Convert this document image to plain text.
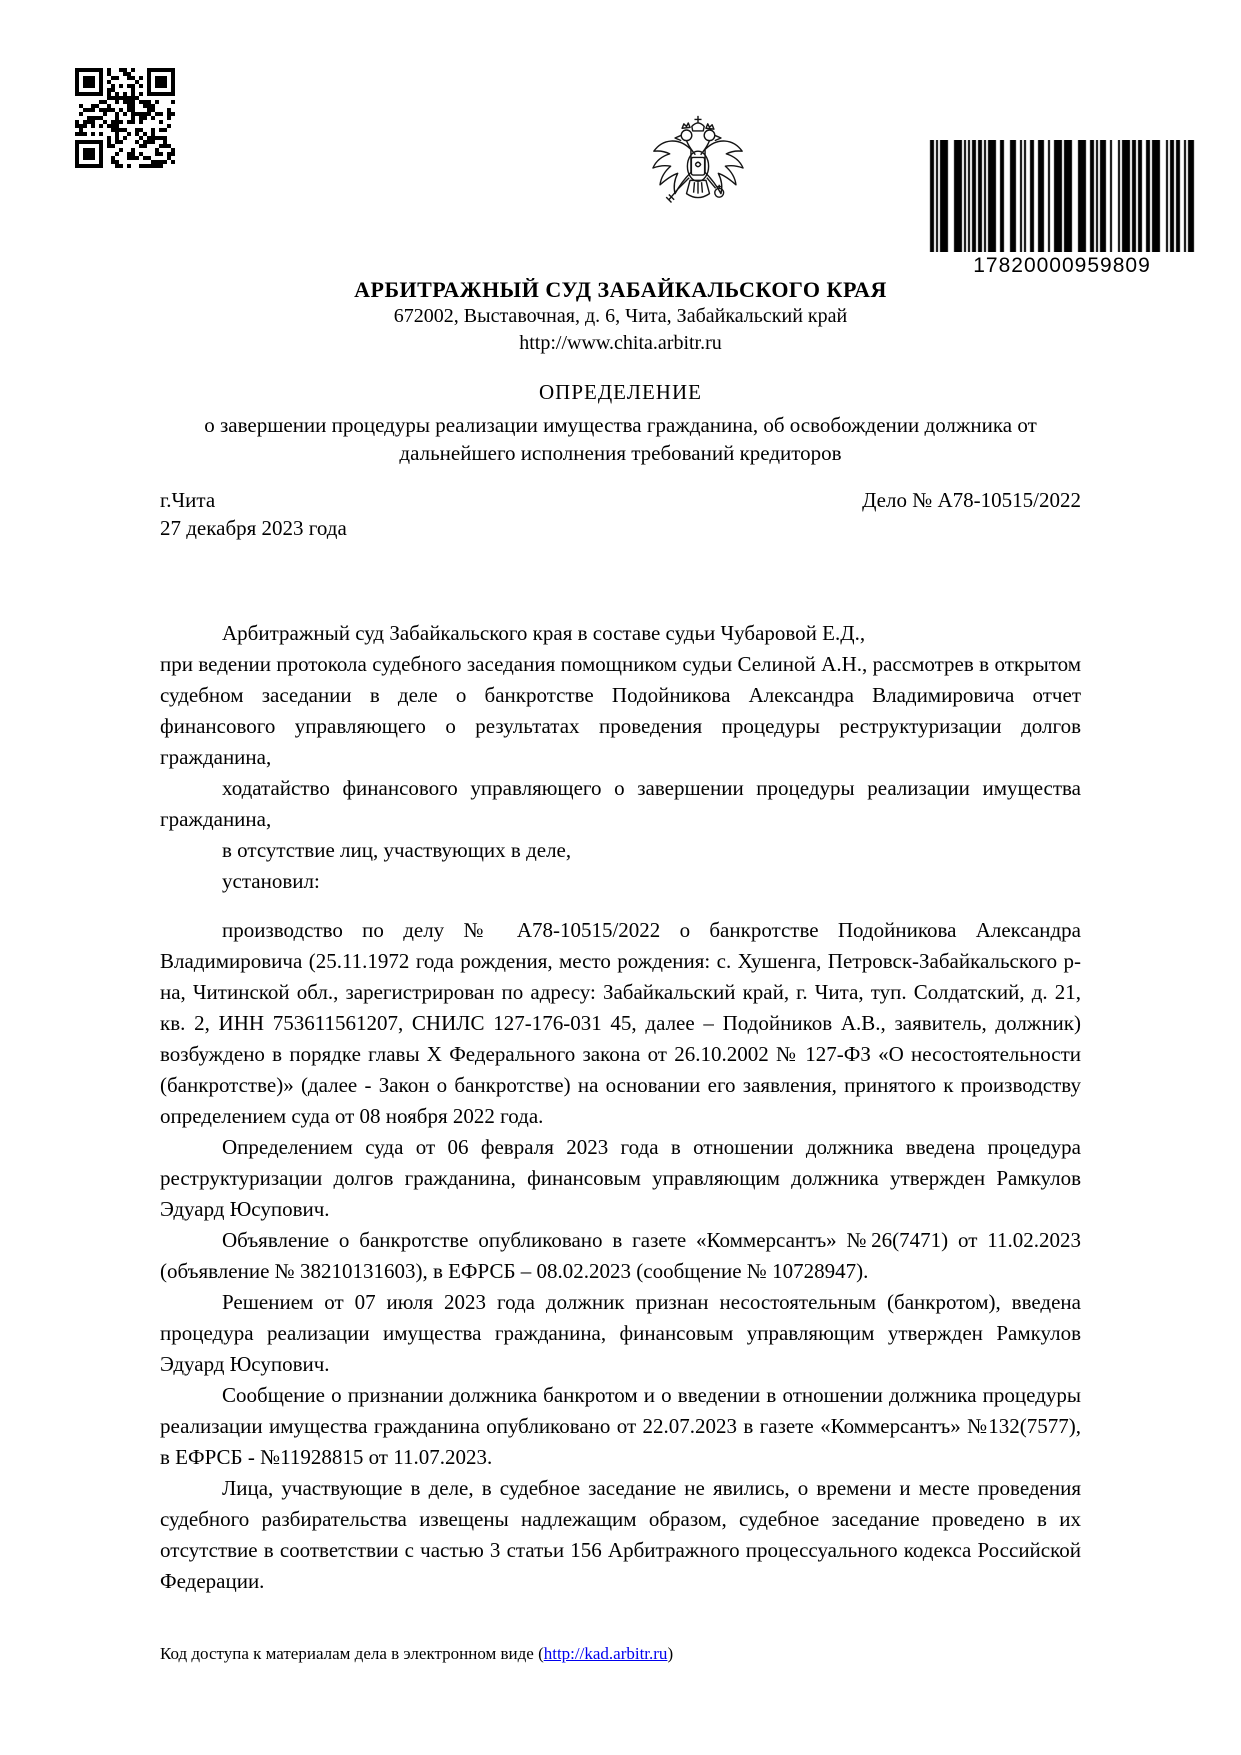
17820000959809
АРБИТРАЖНЫЙ СУД ЗАБАЙКАЛЬСКОГО КРАЯ
672002, Выставочная, д. 6, Чита, Забайкальский край
http://www.chita.arbitr.ru
ОПРЕДЕЛЕНИЕ
о завершении процедуры реализации имущества гражданина, об освобождении должника от дальнейшего исполнения требований кредиторов
г.Чита	Дело № А78-10515/2022
27 декабря 2023 года

Арбитражный суд Забайкальского края в составе судьи Чубаровой Е.Д.,

при ведении протокола судебного заседания помощником судьи Селиной А.Н., рассмотрев в открытом судебном заседании в деле о банкротстве Подойникова Александра Владимировича отчет финансового управляющего о результатах проведения процедуры реструктуризации долгов гражданина,

ходатайство финансового управляющего о завершении процедуры реализации имущества гражданина,

в отсутствие лиц, участвующих в деле,

установил:

производство по делу № А78-10515/2022 о банкротстве Подойникова Александра Владимировича (25.11.1972 года рождения, место рождения: с. Хушенга, Петровск-Забайкальского р-на, Читинской обл., зарегистрирован по адресу: Забайкальский край, г. Чита, туп. Солдатский, д. 21, кв. 2, ИНН 753611561207, СНИЛС 127-176-031 45, далее – Подойников А.В., заявитель, должник) возбуждено в порядке главы X Федерального закона от 26.10.2002 № 127-ФЗ «О несостоятельности (банкротстве)» (далее - Закон о банкротстве) на основании его заявления, принятого к производству определением суда от 08 ноября 2022 года.

Определением суда от 06 февраля 2023 года в отношении должника введена процедура реструктуризации долгов гражданина, финансовым управляющим должника утвержден Рамкулов Эдуард Юсупович.

Объявление о банкротстве опубликовано в газете «Коммерсантъ» №26(7471) от 11.02.2023 (объявление № 38210131603), в ЕФРСБ – 08.02.2023 (сообщение № 10728947).

Решением от 07 июля 2023 года должник признан несостоятельным (банкротом), введена процедура реализации имущества гражданина, финансовым управляющим утвержден Рамкулов Эдуард Юсупович.

Сообщение о признании должника банкротом и о введении в отношении должника процедуры реализации имущества гражданина опубликовано от 22.07.2023 в газете «Коммерсантъ» №132(7577), в ЕФРСБ - №11928815 от 11.07.2023.

Лица, участвующие в деле, в судебное заседание не явились, о времени и месте проведения судебного разбирательства извещены надлежащим образом, судебное заседание проведено в их отсутствие в соответствии с частью 3 статьи 156 Арбитражного процессуального кодекса Российской Федерации.

Код доступа к материалам дела в электронном виде (http://kad.arbitr.ru)
